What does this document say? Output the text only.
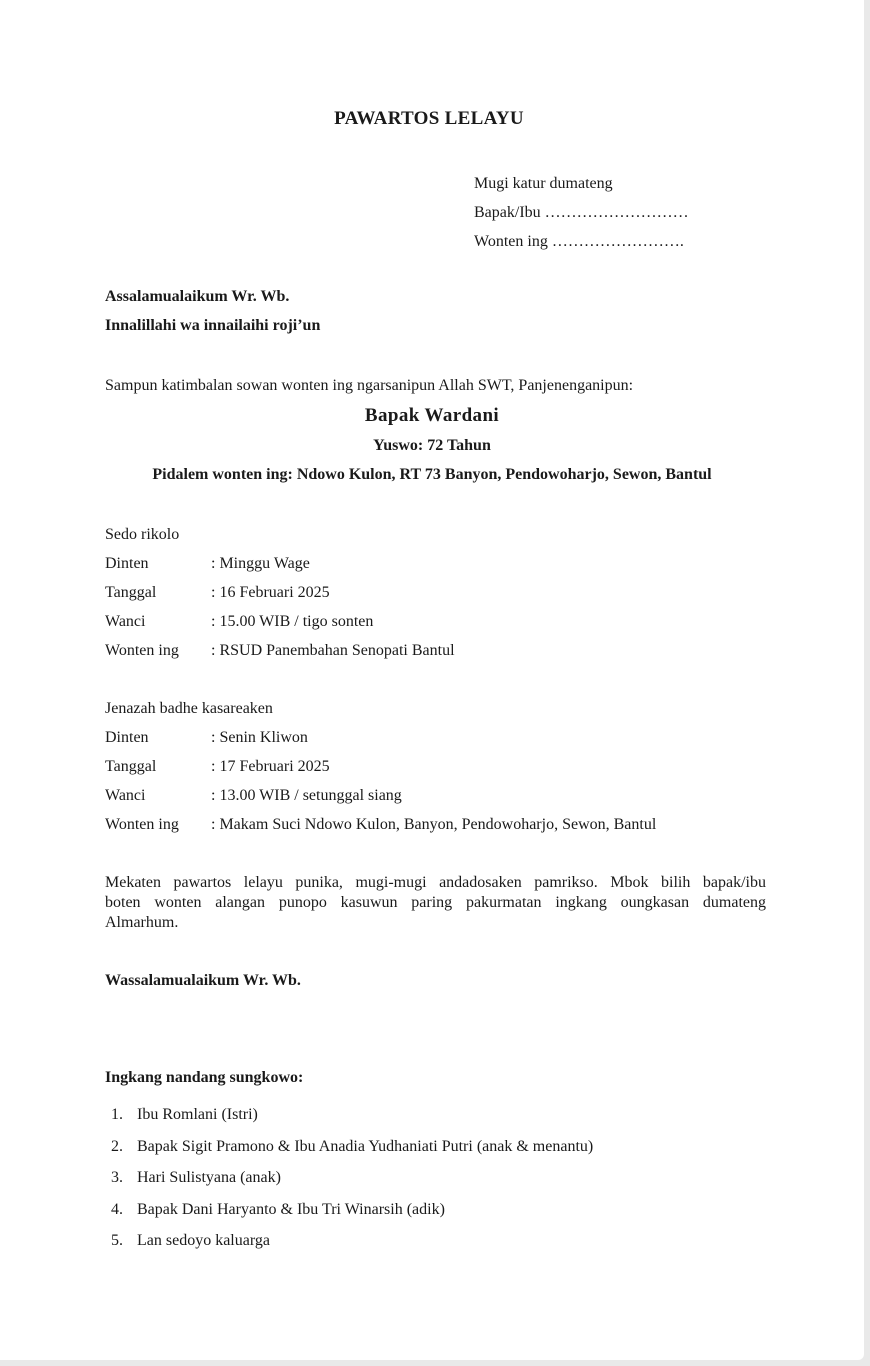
PAWARTOS LELAYU
Mugi katur dumateng
Bapak/Ibu ………………………
Wonten ing …………………….
Assalamualaikum Wr. Wb.
Innalillahi wa innailaihi roji’un
Sampun katimbalan sowan wonten ing ngarsanipun Allah SWT, Panjenenganipun:
Bapak Wardani
Yuswo: 72 Tahun
Pidalem wonten ing: Ndowo Kulon, RT 73 Banyon, Pendowoharjo, Sewon, Bantul
Sedo rikolo
Dinten	: Minggu Wage
Tanggal	: 16 Februari 2025
Wanci	: 15.00 WIB / tigo sonten
Wonten ing	: RSUD Panembahan Senopati Bantul
Jenazah badhe kasareaken
Dinten	: Senin Kliwon
Tanggal	: 17 Februari 2025
Wanci	: 13.00 WIB / setunggal siang
Wonten ing	: Makam Suci Ndowo Kulon, Banyon, Pendowoharjo, Sewon, Bantul
Mekaten pawartos lelayu punika, mugi-mugi andadosaken pamrikso. Mbok bilih bapak/ibu
boten wonten alangan punopo kasuwun paring pakurmatan ingkang oungkasan dumateng
Almarhum.
Wassalamualaikum Wr. Wb.
Ingkang nandang sungkowo:
1. Ibu Romlani (Istri)
2. Bapak Sigit Pramono & Ibu Anadia Yudhaniati Putri (anak & menantu)
3. Hari Sulistyana (anak)
4. Bapak Dani Haryanto & Ibu Tri Winarsih (adik)
5. Lan sedoyo kaluarga
